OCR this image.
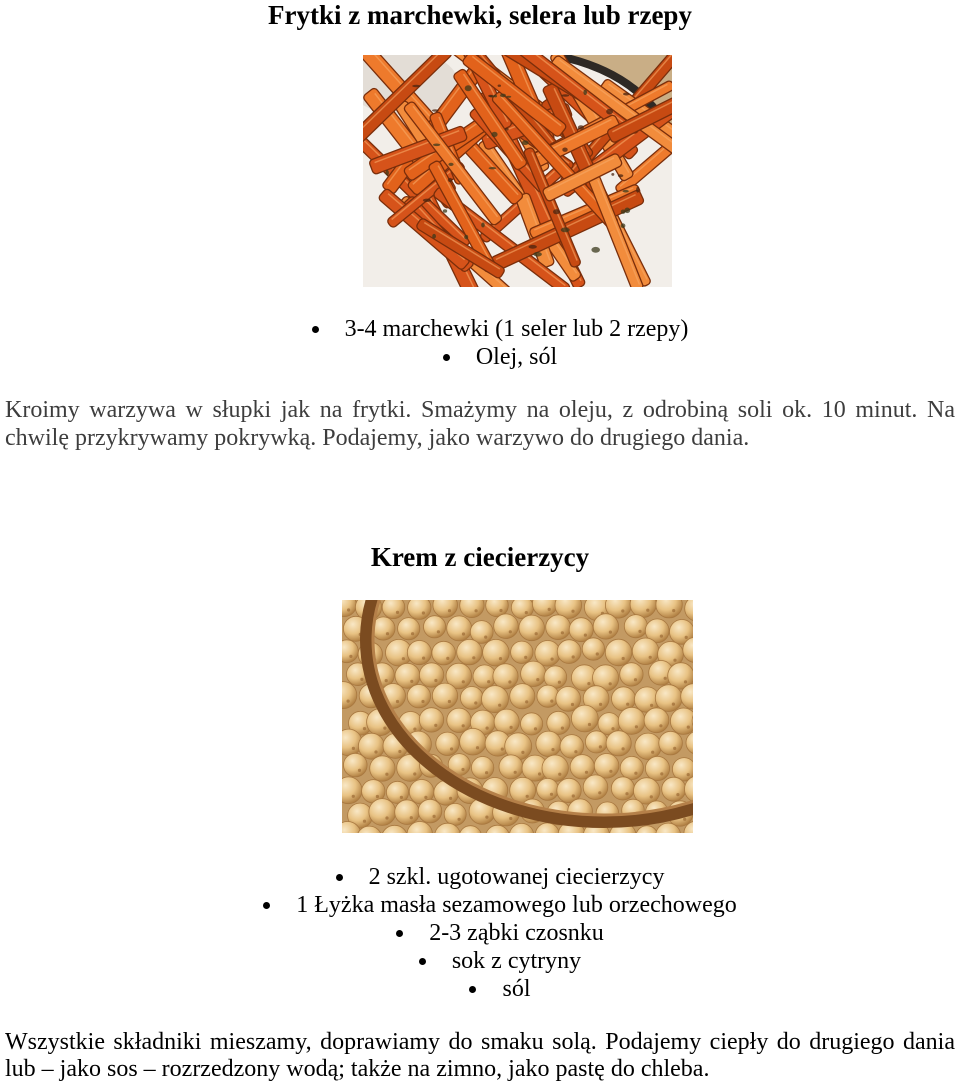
Frytki z marchewki, selera lub rzepy
3-4 marchewki (1 seler lub 2 rzepy)
Olej, sól

Kroimy warzywa w słupki jak na frytki. Smażymy na oleju, z odrobiną soli ok. 10 minut. Na chwilę przykrywamy pokrywką. Podajemy, jako warzywo do drugiego dania.

Krem z ciecierzycy
2 szkl. ugotowanej ciecierzycy
1 Łyżka masła sezamowego lub orzechowego
2-3 ząbki czosnku
sok z cytryny
sól

Wszystkie składniki mieszamy, doprawiamy do smaku solą. Podajemy ciepły do drugiego dania lub – jako sos – rozrzedzony wodą; także na zimno, jako pastę do chleba.
